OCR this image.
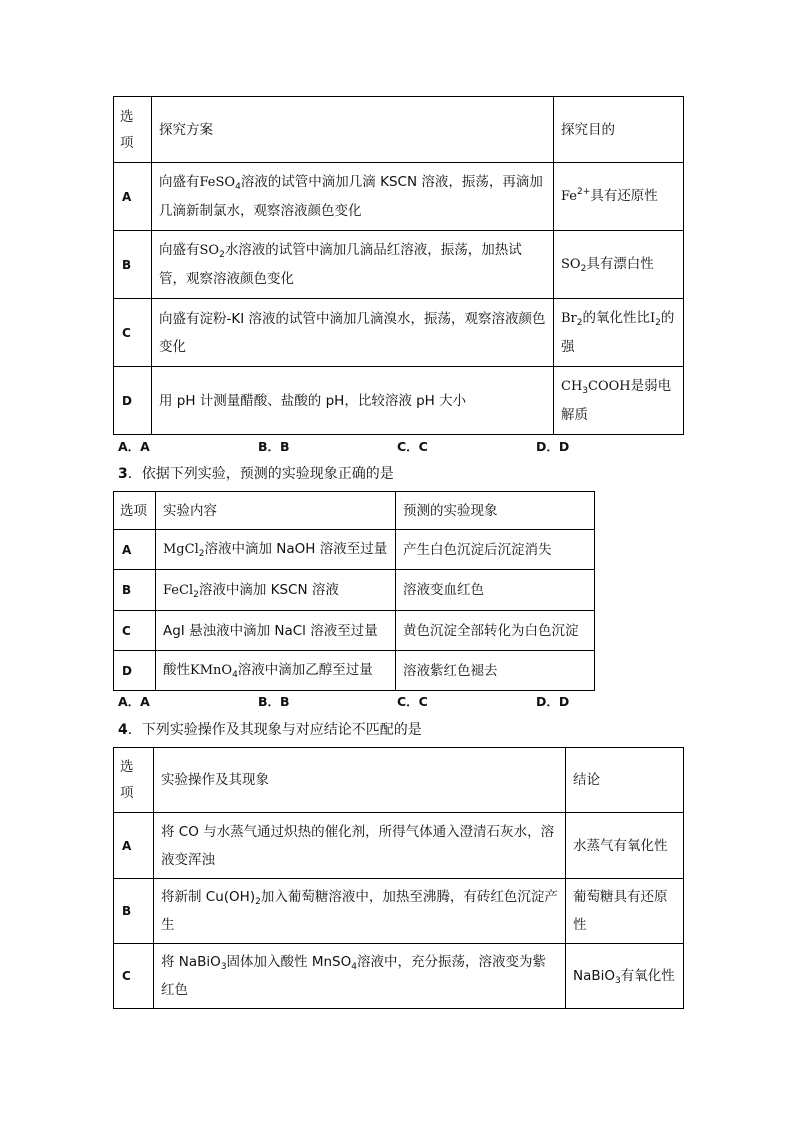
选项	探究方案	探究目的
A	向盛有FeSO$_4$溶液的试管中滴加几滴 KSCN 溶液，振荡，再滴加几滴新制氯水，观察溶液颜色变化	$Fe^{2+}$具有还原性
B	向盛有$SO_2$水溶液的试管中滴加几滴品红溶液，振荡，加热试管，观察溶液颜色变化	$SO_2$具有漂白性
C	向盛有淀粉-KI 溶液的试管中滴加几滴溴水，振荡，观察溶液颜色变化	$Br_2$的氧化性比$I_2$的强
D	用 pH 计测量醋酸、盐酸的 pH，比较溶液 pH 大小	$CH_3COOH$是弱电解质
A．A	B．B	C．C	D．D
3．依据下列实验，预测的实验现象正确的是
选项	实验内容	预测的实验现象
A	MgCl$_2$溶液中滴加 NaOH 溶液至过量	产生白色沉淀后沉淀消失
B	FeCl$_2$溶液中滴加 KSCN 溶液	溶液变血红色
C	AgI 悬浊液中滴加 NaCl 溶液至过量	黄色沉淀全部转化为白色沉淀
D	酸性KMnO$_4$溶液中滴加乙醇至过量	溶液紫红色褪去
A．A	B．B	C．C	D．D
4．下列实验操作及其现象与对应结论不匹配的是
选项	实验操作及其现象	结论
A	将 CO 与水蒸气通过炽热的催化剂，所得气体通入澄清石灰水，溶液变浑浊	水蒸气有氧化性
B	将新制 $Cu(OH)_2$加入葡萄糖溶液中，加热至沸腾，有砖红色沉淀产生	葡萄糖具有还原性
C	将 NaBiO$_3$固体加入酸性 MnSO$_4$溶液中，充分振荡，溶液变为紫红色	NaBiO$_3$有氧化性
